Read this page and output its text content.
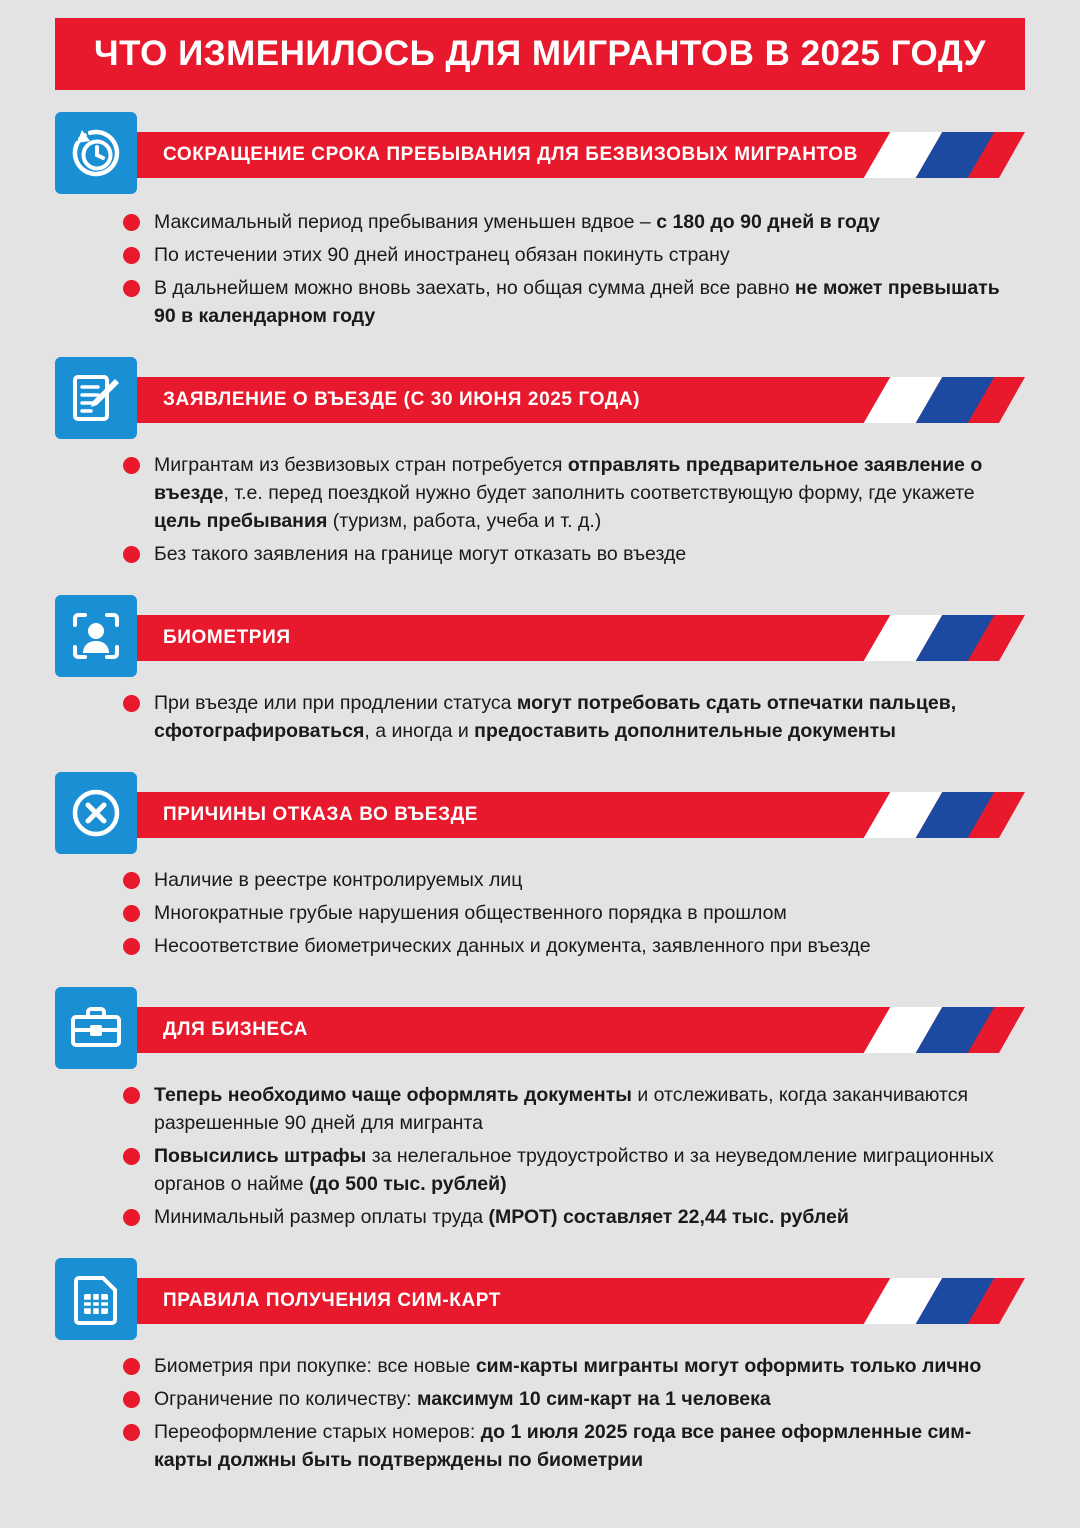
ЧТО ИЗМЕНИЛОСЬ ДЛЯ МИГРАНТОВ В 2025 ГОДУ
СОКРАЩЕНИЕ СРОКА ПРЕБЫВАНИЯ ДЛЯ БЕЗВИЗОВЫХ МИГРАНТОВ
Максимальный период пребывания уменьшен вдвое – с 180 до 90 дней в году
По истечении этих 90 дней иностранец обязан покинуть страну
В дальнейшем можно вновь заехать, но общая сумма дней все равно не может превышать 90 в календарном году
ЗАЯВЛЕНИЕ О ВЪЕЗДЕ (С 30 ИЮНЯ 2025 ГОДА)
Мигрантам из безвизовых стран потребуется отправлять предварительное заявление о въезде, т.е. перед поездкой нужно будет заполнить соответствующую форму, где укажете цель пребывания (туризм, работа, учеба и т. д.)
Без такого заявления на границе могут отказать во въезде
БИОМЕТРИЯ
При въезде или при продлении статуса могут потребовать сдать отпечатки пальцев, сфотографироваться, а иногда и предоставить дополнительные документы
ПРИЧИНЫ ОТКАЗА ВО ВЪЕЗДЕ
Наличие в реестре контролируемых лиц
Многократные грубые нарушения общественного порядка в прошлом
Несоответствие биометрических данных и документа, заявленного при въезде
ДЛЯ БИЗНЕСА
Теперь необходимо чаще оформлять документы и отслеживать, когда заканчиваются разрешенные 90 дней для мигранта
Повысились штрафы за нелегальное трудоустройство и за неуведомление миграционных органов о найме (до 500 тыс. рублей)
Минимальный размер оплаты труда (МРОТ) составляет 22,44 тыс. рублей
ПРАВИЛА ПОЛУЧЕНИЯ СИМ-КАРТ
Биометрия при покупке: все новые сим-карты мигранты могут оформить только лично
Ограничение по количеству: максимум 10 сим-карт на 1 человека
Переоформление старых номеров: до 1 июля 2025 года все ранее оформленные сим-карты должны быть подтверждены по биометрии
